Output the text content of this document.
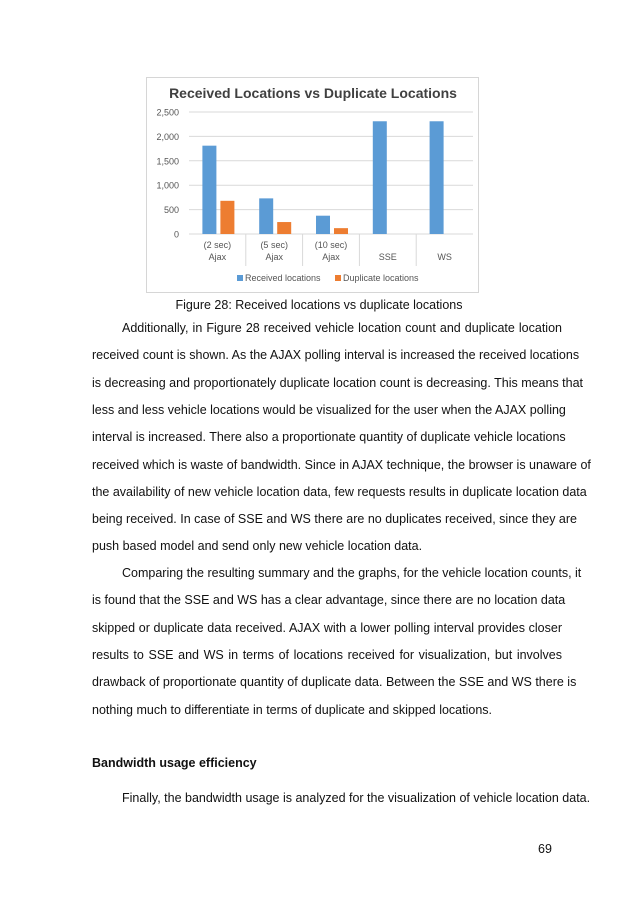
Received Locations vs Duplicate Locations
0
500
1,000
1,500
2,000
2,500
(2 sec)
Ajax
(5 sec)
Ajax
(10 sec)
Ajax	SSE	WS
Received locations Duplicate locations
Figure 28: Received locations vs duplicate locations
Additionally, in Figure 28 received vehicle location count and duplicate location
received count is shown. As the AJAX polling interval is increased the received locations
is decreasing and proportionately duplicate location count is decreasing. This means that
less and less vehicle locations would be visualized for the user when the AJAX polling
interval is increased. There also a proportionate quantity of duplicate vehicle locations
received which is waste of bandwidth. Since in AJAX technique, the browser is unaware of
the availability of new vehicle location data, few requests results in duplicate location data
being received. In case of SSE and WS there are no duplicates received, since they are
push based model and send only new vehicle location data.
Comparing the resulting summary and the graphs, for the vehicle location counts, it
is found that the SSE and WS has a clear advantage, since there are no location data
skipped or duplicate data received. AJAX with a lower polling interval provides closer
results to SSE and WS in terms of locations received for visualization, but involves
drawback of proportionate quantity of duplicate data. Between the SSE and WS there is
nothing much to differentiate in terms of duplicate and skipped locations.
Bandwidth usage efficiency
Finally, the bandwidth usage is analyzed for the visualization of vehicle location data.
69
